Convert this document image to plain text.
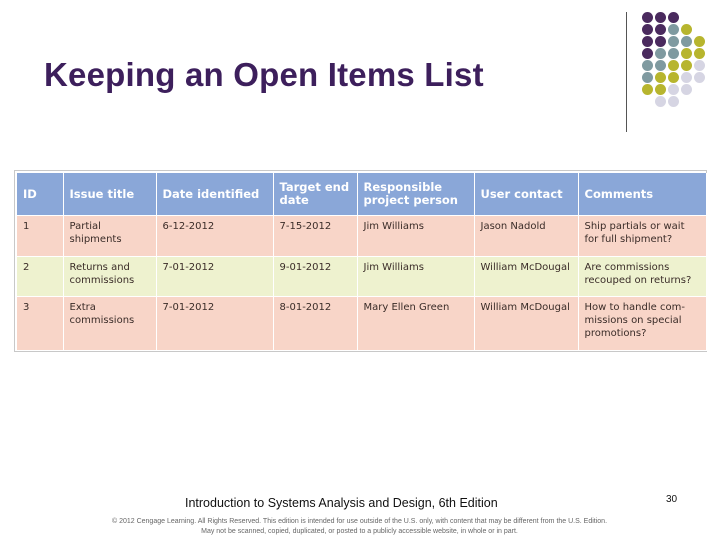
Keeping an Open Items List
ID	Issue title	Date identified	Target end date	Responsible project person	User contact	Comments
1	Partial shipments	6-12-2012	7-15-2012	Jim Williams	Jason Nadold	Ship partials or wait for full shipment?
2	Returns and commissions	7-01-2012	9-01-2012	Jim Williams	William McDougal	Are commissions recouped on returns?
3	Extra commissions	7-01-2012	8-01-2012	Mary Ellen Green	William McDougal	How to handle com-missions on special promotions?
Introduction to Systems Analysis and Design, 6th Edition	30
© 2012 Cengage Learning. All Rights Reserved. This edition is intended for use outside of the U.S. only, with content that may be different from the U.S. Edition.
May not be scanned, copied, duplicated, or posted to a publicly accessible website, in whole or in part.
